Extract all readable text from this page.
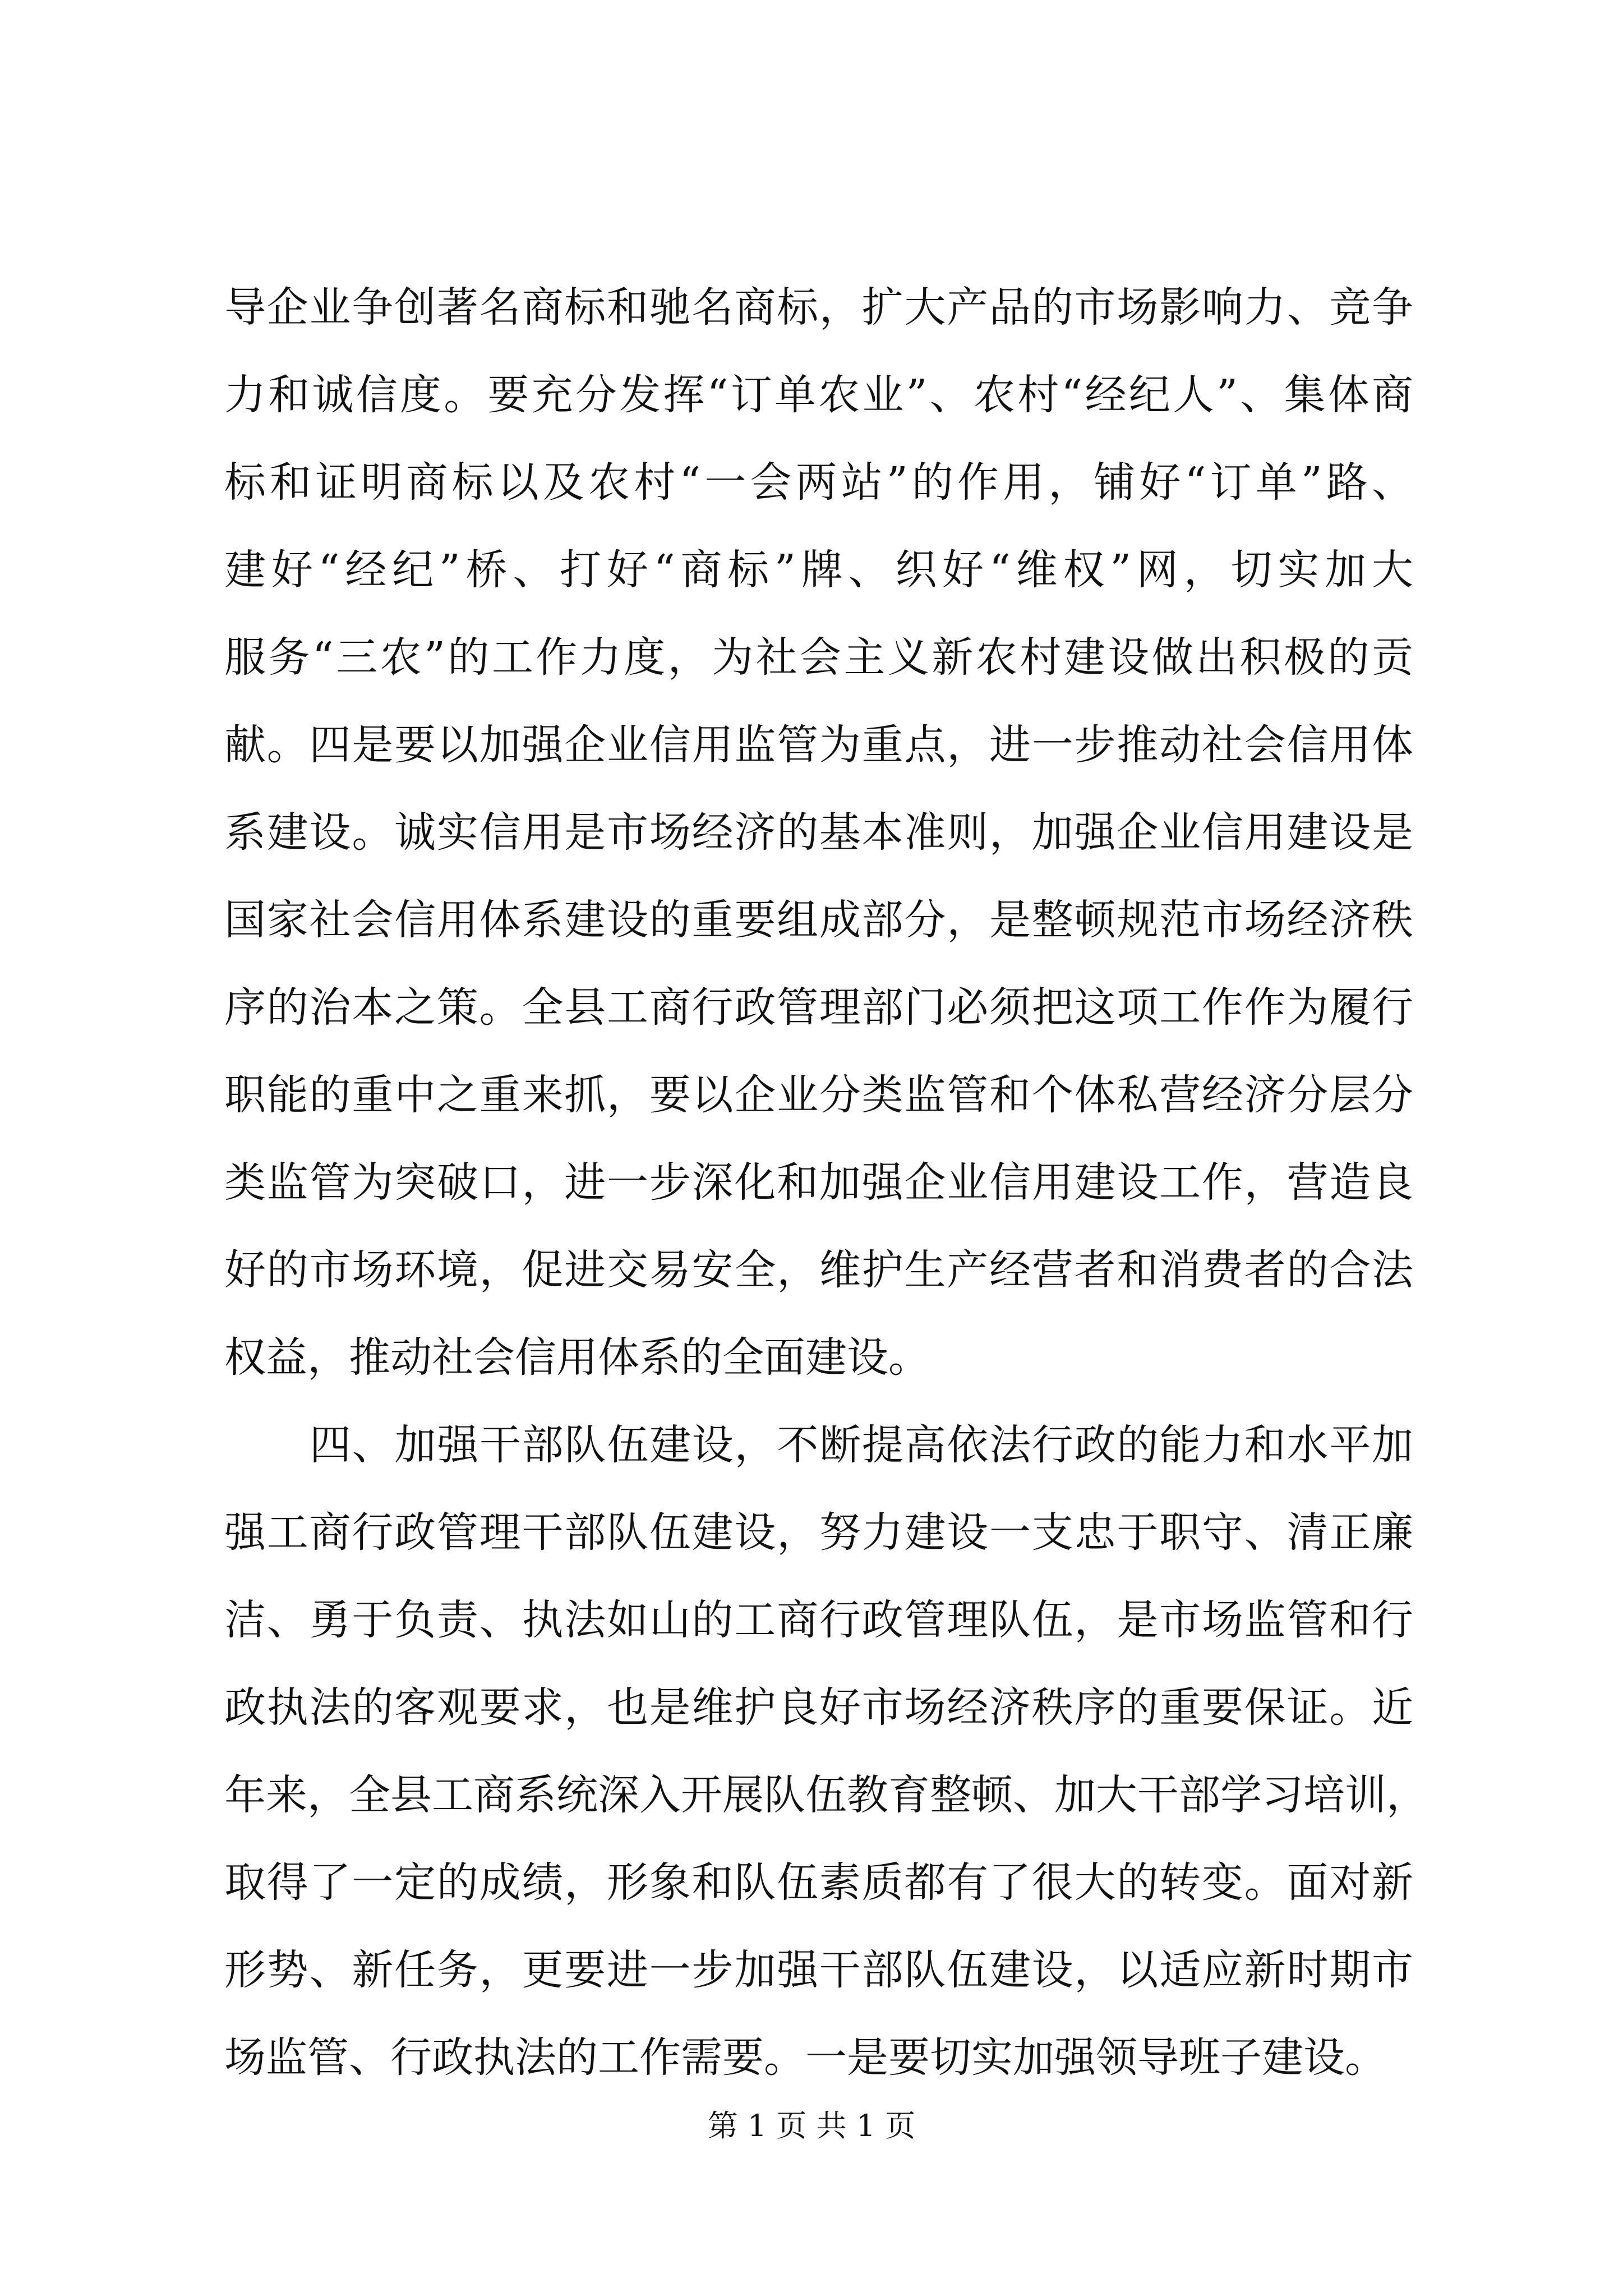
导企业争创著名商标和驰名商标，扩大产品的市场影响力、竞争
力和诚信度。要充分发挥“订单农业”、农村“经纪人”、集体商
标和证明商标以及农村“一会两站”的作用，铺好“订单”路、
建好“经纪”桥、打好“商标”牌、织好“维权”网，切实加大
服务“三农”的工作力度，为社会主义新农村建设做出积极的贡
献。四是要以加强企业信用监管为重点，进一步推动社会信用体
系建设。诚实信用是市场经济的基本准则，加强企业信用建设是
国家社会信用体系建设的重要组成部分，是整顿规范市场经济秩
序的治本之策。全县工商行政管理部门必须把这项工作作为履行
职能的重中之重来抓，要以企业分类监管和个体私营经济分层分
类监管为突破口，进一步深化和加强企业信用建设工作，营造良
好的市场环境，促进交易安全，维护生产经营者和消费者的合法
权益，推动社会信用体系的全面建设。
四、加强干部队伍建设，不断提高依法行政的能力和水平加
强工商行政管理干部队伍建设，努力建设一支忠于职守、清正廉
洁、勇于负责、执法如山的工商行政管理队伍，是市场监管和行
政执法的客观要求，也是维护良好市场经济秩序的重要保证。近
年来，全县工商系统深入开展队伍教育整顿、加大干部学习培训，
取得了一定的成绩，形象和队伍素质都有了很大的转变。面对新
形势、新任务，更要进一步加强干部队伍建设，以适应新时期市
场监管、行政执法的工作需要。一是要切实加强领导班子建设。
第 1 页 共 1 页
